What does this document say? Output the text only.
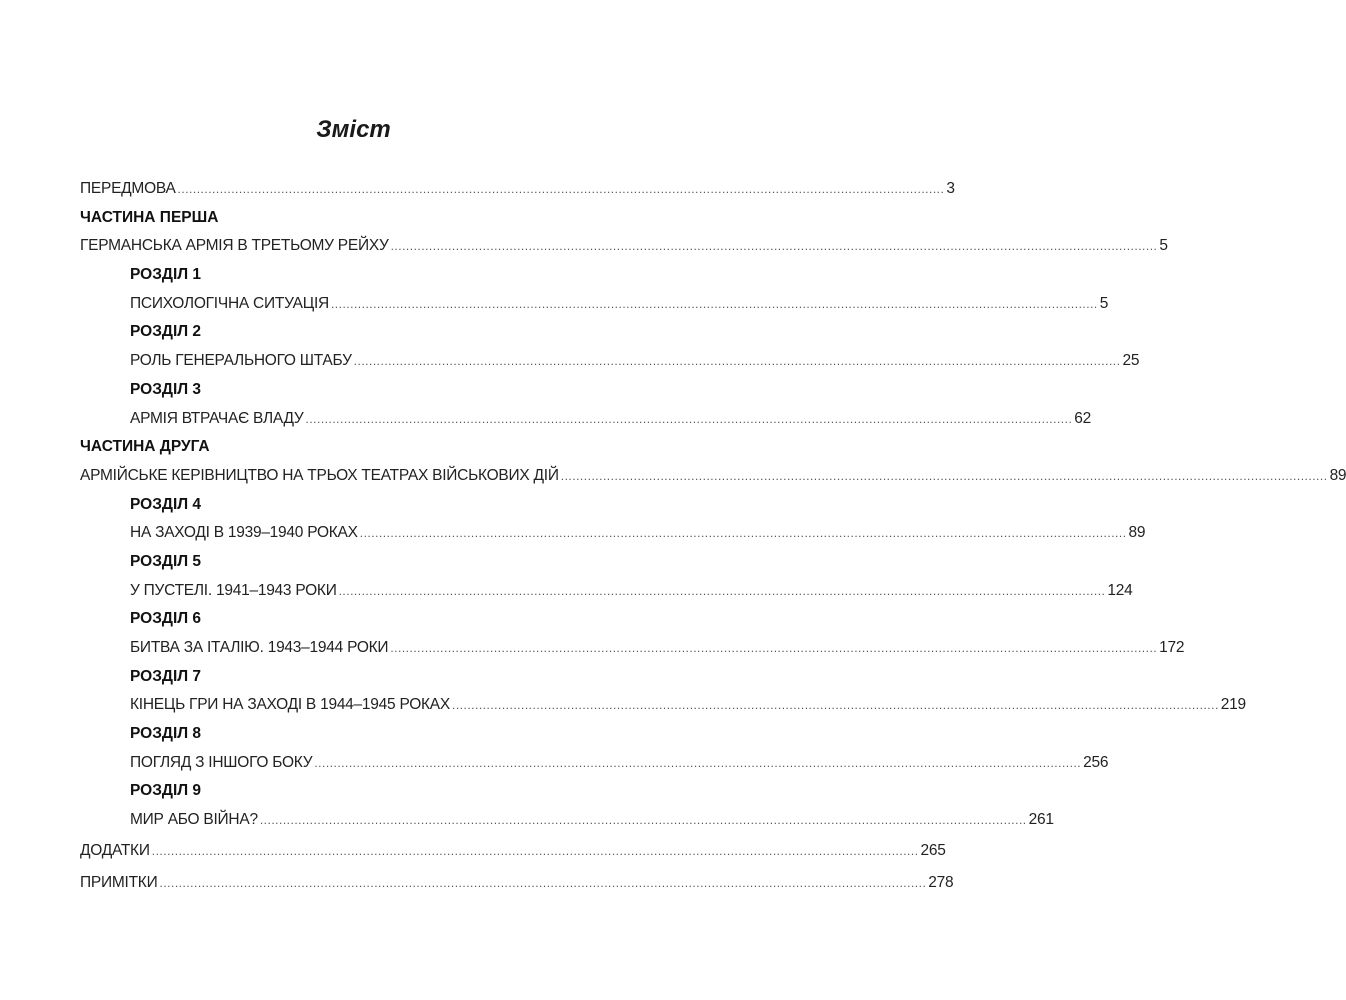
Зміст
ПЕРЕДМОВА ........................................................................................................................................................................................................ 3
ЧАСТИНА ПЕРША
ГЕРМАНСЬКА АРМІЯ В ТРЕТЬОМУ РЕЙХУ ........................................................................................................................................................................................................ 5
РОЗДІЛ 1
ПСИХОЛОГІЧНА СИТУАЦІЯ ........................................................................................................................................................................................................ 5
РОЗДІЛ 2
РОЛЬ ГЕНЕРАЛЬНОГО ШТАБУ ........................................................................................................................................................................................................ 25
РОЗДІЛ 3
АРМІЯ ВТРАЧАЄ ВЛАДУ ........................................................................................................................................................................................................ 62
ЧАСТИНА ДРУГА
АРМІЙСЬКЕ КЕРІВНИЦТВО НА ТРЬОХ ТЕАТРАХ ВІЙСЬКОВИХ ДІЙ ........................................................................................................................................................................................................ 89
РОЗДІЛ 4
НА ЗАХОДІ В 1939–1940 РОКАХ ........................................................................................................................................................................................................ 89
РОЗДІЛ 5
У ПУСТЕЛІ. 1941–1943 РОКИ ........................................................................................................................................................................................................ 124
РОЗДІЛ 6
БИТВА ЗА ІТАЛІЮ. 1943–1944 РОКИ ........................................................................................................................................................................................................ 172
РОЗДІЛ 7
КІНЕЦЬ ГРИ НА ЗАХОДІ В 1944–1945 РОКАХ ........................................................................................................................................................................................................ 219
РОЗДІЛ 8
ПОГЛЯД З ІНШОГО БОКУ ........................................................................................................................................................................................................ 256
РОЗДІЛ 9
МИР АБО ВІЙНА? ........................................................................................................................................................................................................ 261
ДОДАТКИ ........................................................................................................................................................................................................ 265
ПРИМІТКИ ........................................................................................................................................................................................................ 278
